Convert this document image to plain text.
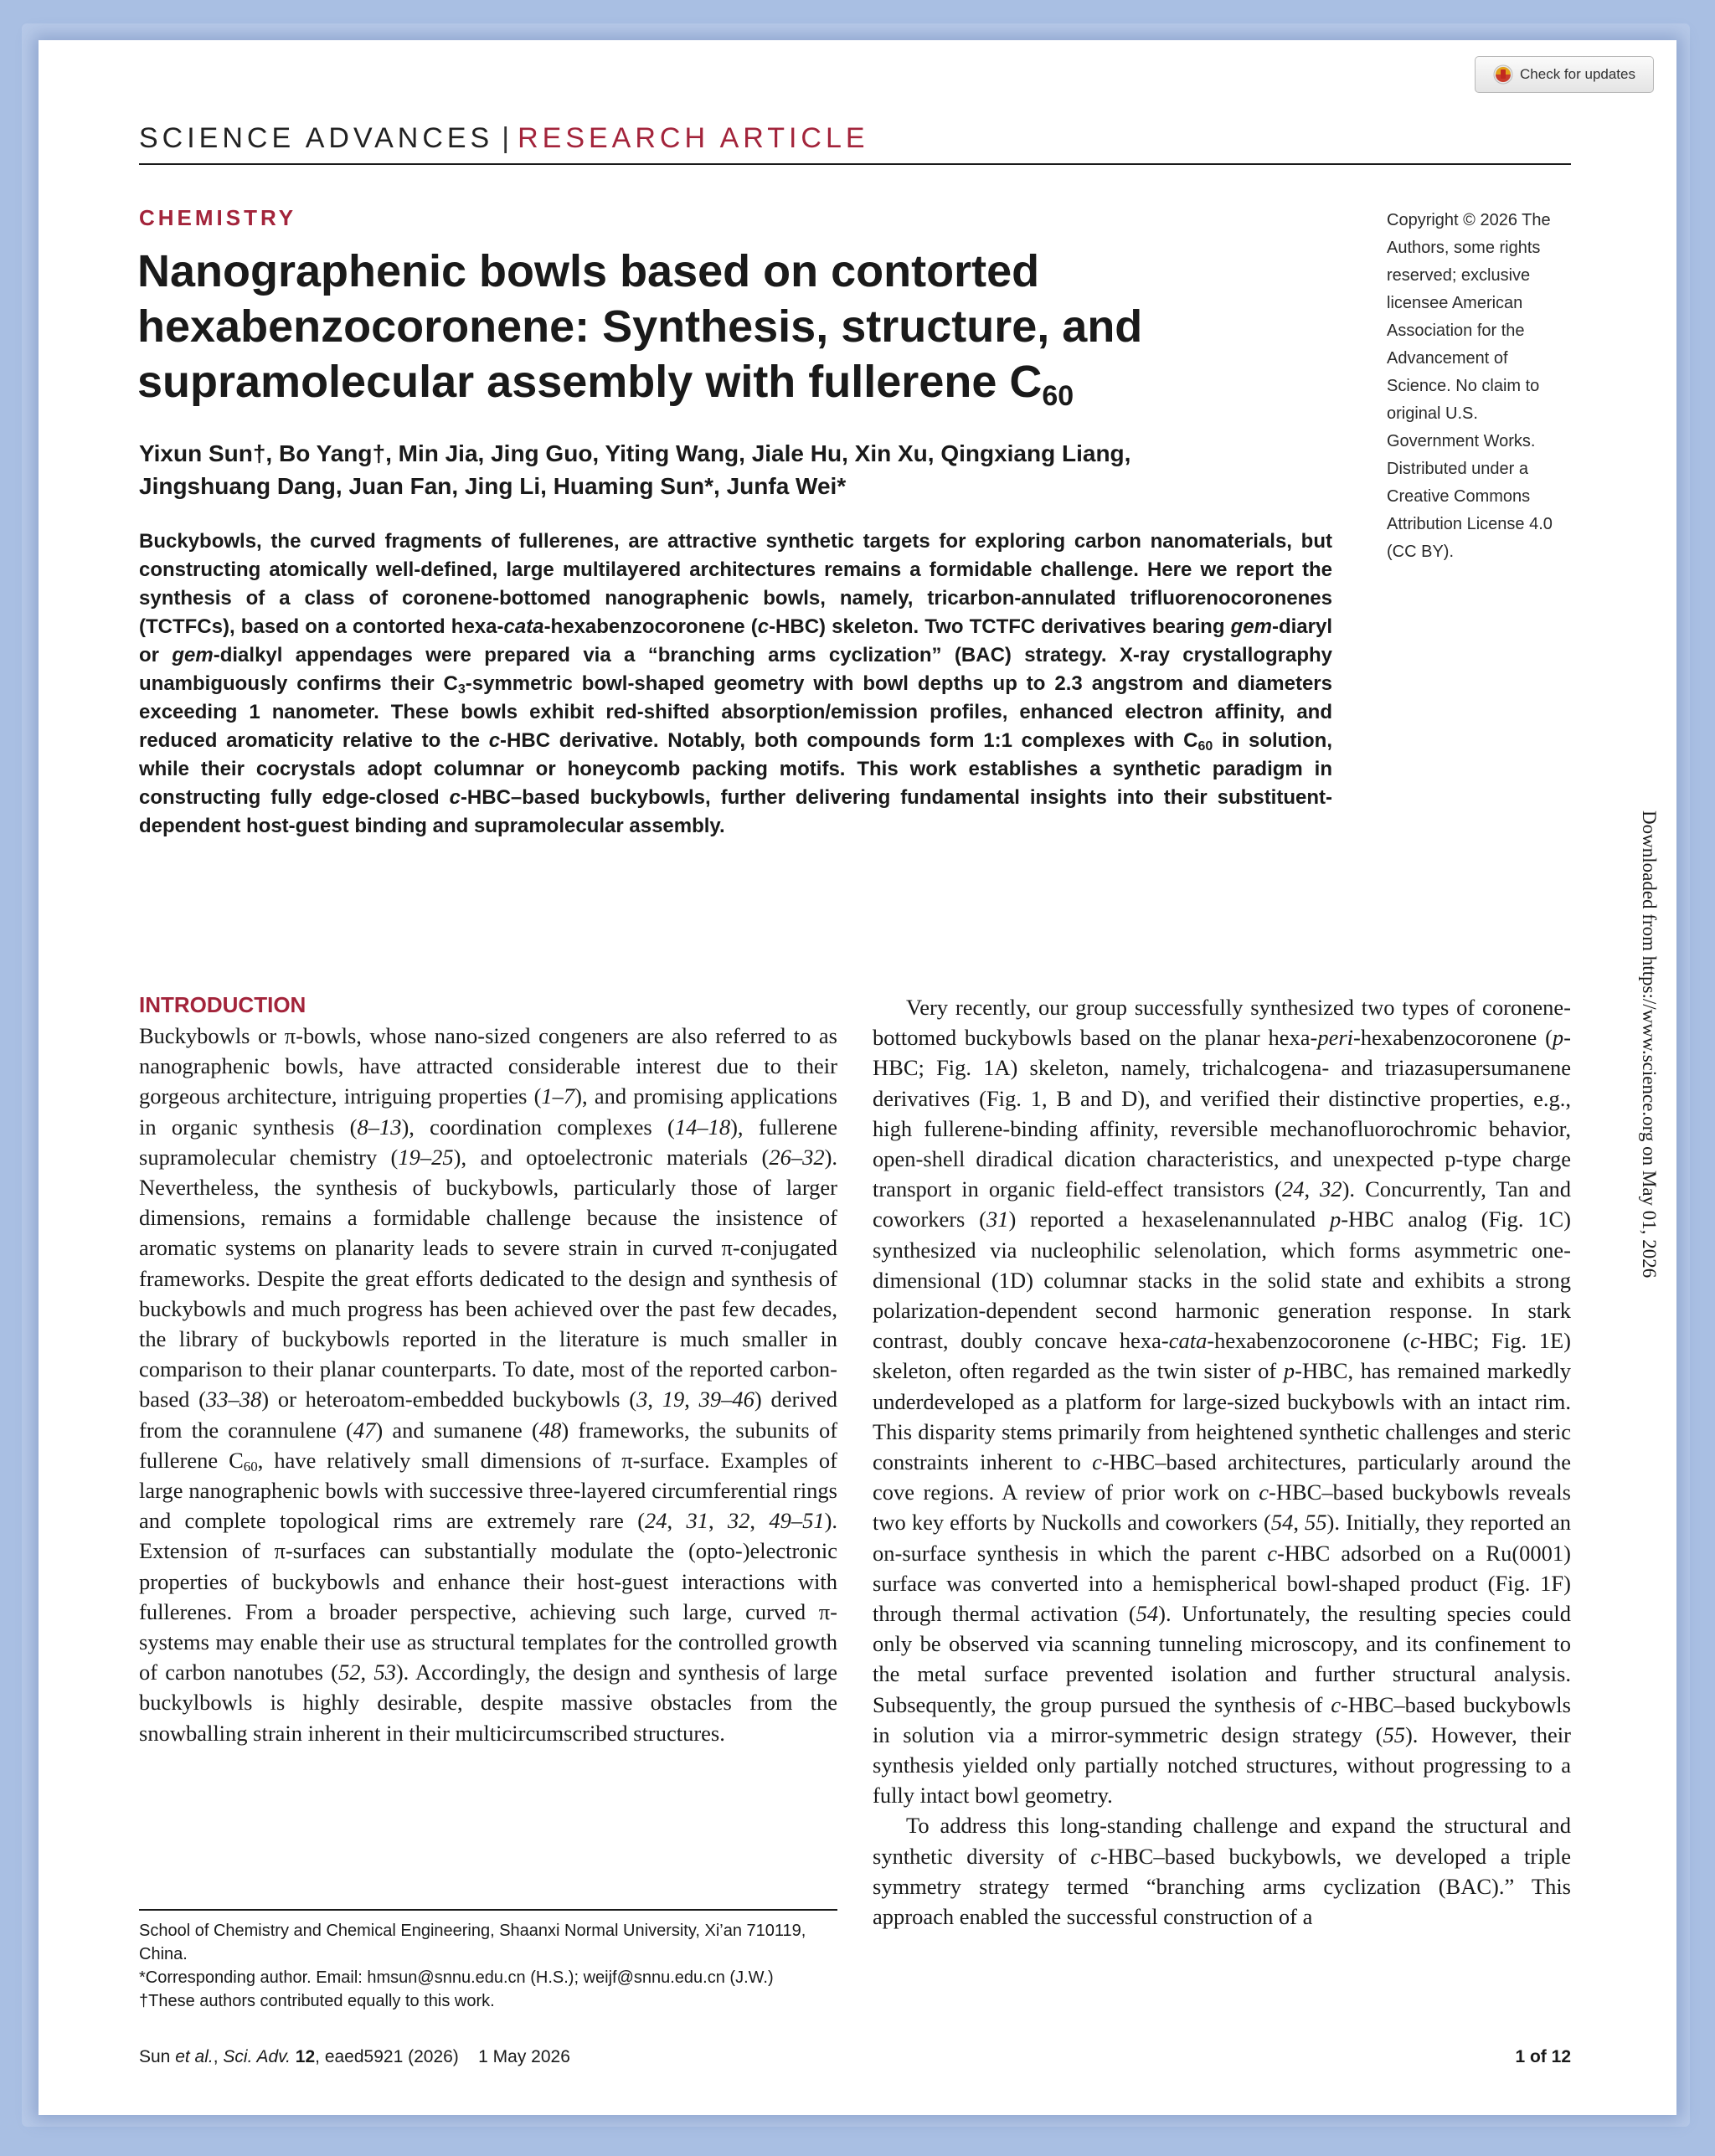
Check for updates
SCIENCE ADVANCES | RESEARCH ARTICLE
CHEMISTRY
Nanographenic bowls based on contorted
hexabenzocoronene: Synthesis, structure, and
supramolecular assembly with fullerene $C_{60}$
Yixun Sun†, Bo Yang†, Min Jia, Jing Guo, Yiting Wang, Jiale Hu, Xin Xu, Qingxiang Liang,
Jingshuang Dang, Juan Fan, Jing Li, Huaming Sun*, Junfa Wei*
Copyright © 2026 The
Authors, some rights
reserved; exclusive
licensee American
Association for the
Advancement of
Science. No claim to
original U.S.
Government Works.
Distributed under a
Creative Commons
Attribution License 4.0
(CC BY).

Buckybowls, the curved fragments of fullerenes, are attractive synthetic targets for exploring carbon nanomaterials, but constructing atomically well-defined, large multilayered architectures remains a formidable challenge. Here we report the synthesis of a class of coronene-bottomed nanographenic bowls, namely, tricarbon-annulated trifluorenocoronenes (TCTFCs), based on a contorted hexa-cata-hexabenzocoronene (c-HBC) skeleton. Two TCTFC derivatives bearing gem-diaryl or gem-dialkyl appendages were prepared via a “branching arms cyclization” (BAC) strategy. X-ray crystallography unambiguously confirms their $C_3$-symmetric bowl-shaped geometry with bowl depths up to 2.3 angstrom and diameters exceeding 1 nanometer. These bowls exhibit red-shifted absorption/emission profiles, enhanced electron affinity, and reduced aromaticity relative to the c-HBC derivative. Notably, both compounds form 1:1 complexes with $C_{60}$ in solution, while their cocrystals adopt columnar or honeycomb packing motifs. This work establishes a synthetic paradigm in constructing fully edge-closed c-HBC–based buckybowls, further delivering fundamental insights into their substituent-dependent host-guest binding and supramolecular assembly.	Downloaded from https://www.science.org on May 01, 2026
INTRODUCTION

Buckybowls or π-bowls, whose nano-sized congeners are also referred to as nanographenic bowls, have attracted considerable interest due to their gorgeous architecture, intriguing properties (1–7), and promising applications in organic synthesis (8–13), coordination complexes (14–18), fullerene supramolecular chemistry (19–25), and optoelectronic materials (26–32). Nevertheless, the synthesis of buckybowls, particularly those of larger dimensions, remains a formidable challenge because the insistence of aromatic systems on planarity leads to severe strain in curved π-conjugated frameworks. Despite the great efforts dedicated to the design and synthesis of buckybowls and much progress has been achieved over the past few decades, the library of buckybowls reported in the literature is much smaller in comparison to their planar counterparts. To date, most of the reported carbon-based (33–38) or heteroatom-embedded buckybowls (3, 19, 39–46) derived from the corannulene (47) and sumanene (48) frameworks, the subunits of fullerene $C_{60}$, have relatively small dimensions of π-surface. Examples of large nanographenic bowls with successive three-layered circumferential rings and complete topological rims are extremely rare (24, 31, 32, 49–51). Extension of π-surfaces can substantially modulate the (opto-)electronic properties of buckybowls and enhance their host-guest interactions with fullerenes. From a broader perspective, achieving such large, curved π-systems may enable their use as structural templates for the controlled growth of carbon nanotubes (52, 53). Accordingly, the design and synthesis of large buckylbowls is highly desirable, despite massive obstacles from the snowballing strain inherent in their multicircumscribed structures.

Very recently, our group successfully synthesized two types of coronene-bottomed buckybowls based on the planar hexa-peri-hexabenzocoronene (p-HBC; Fig. 1A) skeleton, namely, trichalcogena- and triazasupersumanene derivatives (Fig. 1, B and D), and verified their distinctive properties, e.g., high fullerene-binding affinity, reversible mechanofluorochromic behavior, open-shell diradical dication characteristics, and unexpected p-type charge transport in organic field-effect transistors (24, 32). Concurrently, Tan and coworkers (31) reported a hexaselenannulated p-HBC analog (Fig. 1C) synthesized via nucleophilic selenolation, which forms asymmetric one-dimensional (1D) columnar stacks in the solid state and exhibits a strong polarization-dependent second harmonic generation response. In stark contrast, doubly concave hexa-cata-hexabenzocoronene (c-HBC; Fig. 1E) skeleton, often regarded as the twin sister of p-HBC, has remained markedly underdeveloped as a platform for large-sized buckybowls with an intact rim. This disparity stems primarily from heightened synthetic challenges and steric constraints inherent to c-HBC–based architectures, particularly around the cove regions. A review of prior work on c-HBC–based buckybowls reveals two key efforts by Nuckolls and coworkers (54, 55). Initially, they reported an on-surface synthesis in which the parent c-HBC adsorbed on a Ru(0001) surface was converted into a hemispherical bowl-shaped product (Fig. 1F) through thermal activation (54). Unfortunately, the resulting species could only be observed via scanning tunneling microscopy, and its confinement to the metal surface prevented isolation and further structural analysis. Subsequently, the group pursued the synthesis of c-HBC–based buckybowls in solution via a mirror-symmetric design strategy (55). However, their synthesis yielded only partially notched structures, without progressing to a fully intact bowl geometry.

To address this long-standing challenge and expand the structural and synthetic diversity of c-HBC–based buckybowls, we developed a triple symmetry strategy termed “branching arms cyclization (BAC).” This approach enabled the successful construction of a

School of Chemistry and Chemical Engineering, Shaanxi Normal University, Xi’an 710119, China.

*Corresponding author. Email: hmsun@snnu.edu.cn (H.S.); weijf@snnu.edu.cn (J.W.)

†These authors contributed equally to this work.

Sun et al., Sci. Adv. 12, eaed5921 (2026) 1 May 2026	1 of 12
